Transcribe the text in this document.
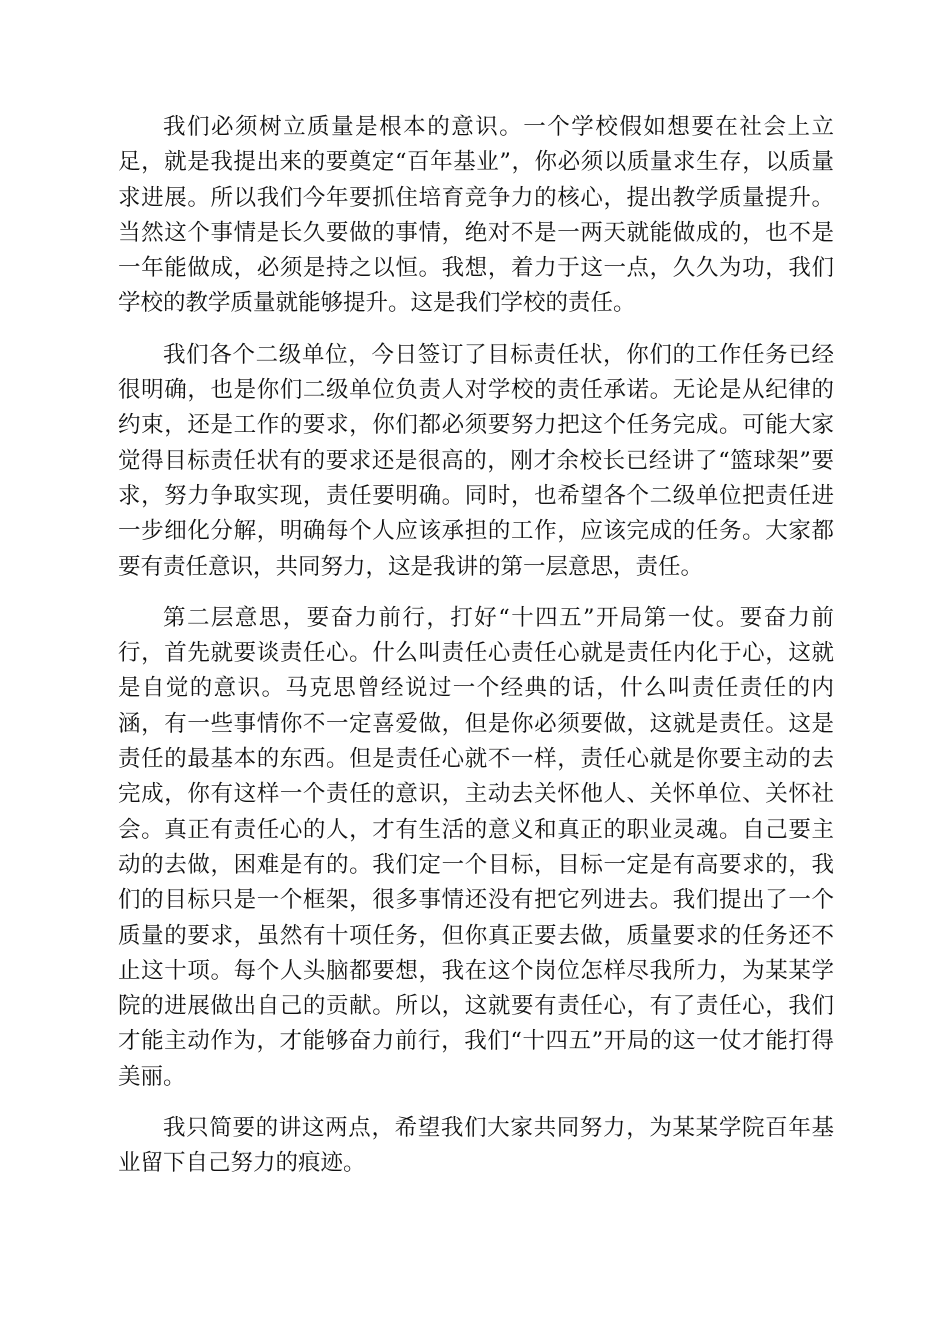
我们必须树立质量是根本的意识。一个学校假如想要在社会上立足，就是我提出来的要奠定“百年基业”，你必须以质量求生存，以质量求进展。所以我们今年要抓住培育竞争力的核心，提出教学质量提升。当然这个事情是长久要做的事情，绝对不是一两天就能做成的，也不是一年能做成，必须是持之以恒。我想，着力于这一点，久久为功，我们学校的教学质量就能够提升。这是我们学校的责任。

我们各个二级单位，今日签订了目标责任状，你们的工作任务已经很明确，也是你们二级单位负责人对学校的责任承诺。无论是从纪律的约束，还是工作的要求，你们都必须要努力把这个任务完成。可能大家觉得目标责任状有的要求还是很高的，刚才余校长已经讲了“篮球架”要求，努力争取实现，责任要明确。同时，也希望各个二级单位把责任进一步细化分解，明确每个人应该承担的工作，应该完成的任务。大家都要有责任意识，共同努力，这是我讲的第一层意思，责任。

第二层意思，要奋力前行，打好“十四五”开局第一仗。要奋力前行，首先就要谈责任心。什么叫责任心责任心就是责任内化于心，这就是自觉的意识。马克思曾经说过一个经典的话，什么叫责任责任的内涵，有一些事情你不一定喜爱做，但是你必须要做，这就是责任。这是责任的最基本的东西。但是责任心就不一样，责任心就是你要主动的去完成，你有这样一个责任的意识，主动去关怀他人、关怀单位、关怀社会。真正有责任心的人，才有生活的意义和真正的职业灵魂。自己要主动的去做，困难是有的。我们定一个目标，目标一定是有高要求的，我们的目标只是一个框架，很多事情还没有把它列进去。我们提出了一个质量的要求，虽然有十项任务，但你真正要去做，质量要求的任务还不止这十项。每个人头脑都要想，我在这个岗位怎样尽我所力，为某某学院的进展做出自己的贡献。所以，这就要有责任心，有了责任心，我们才能主动作为，才能够奋力前行，我们“十四五”开局的这一仗才能打得美丽。

我只简要的讲这两点，希望我们大家共同努力，为某某学院百年基业留下自己努力的痕迹。
